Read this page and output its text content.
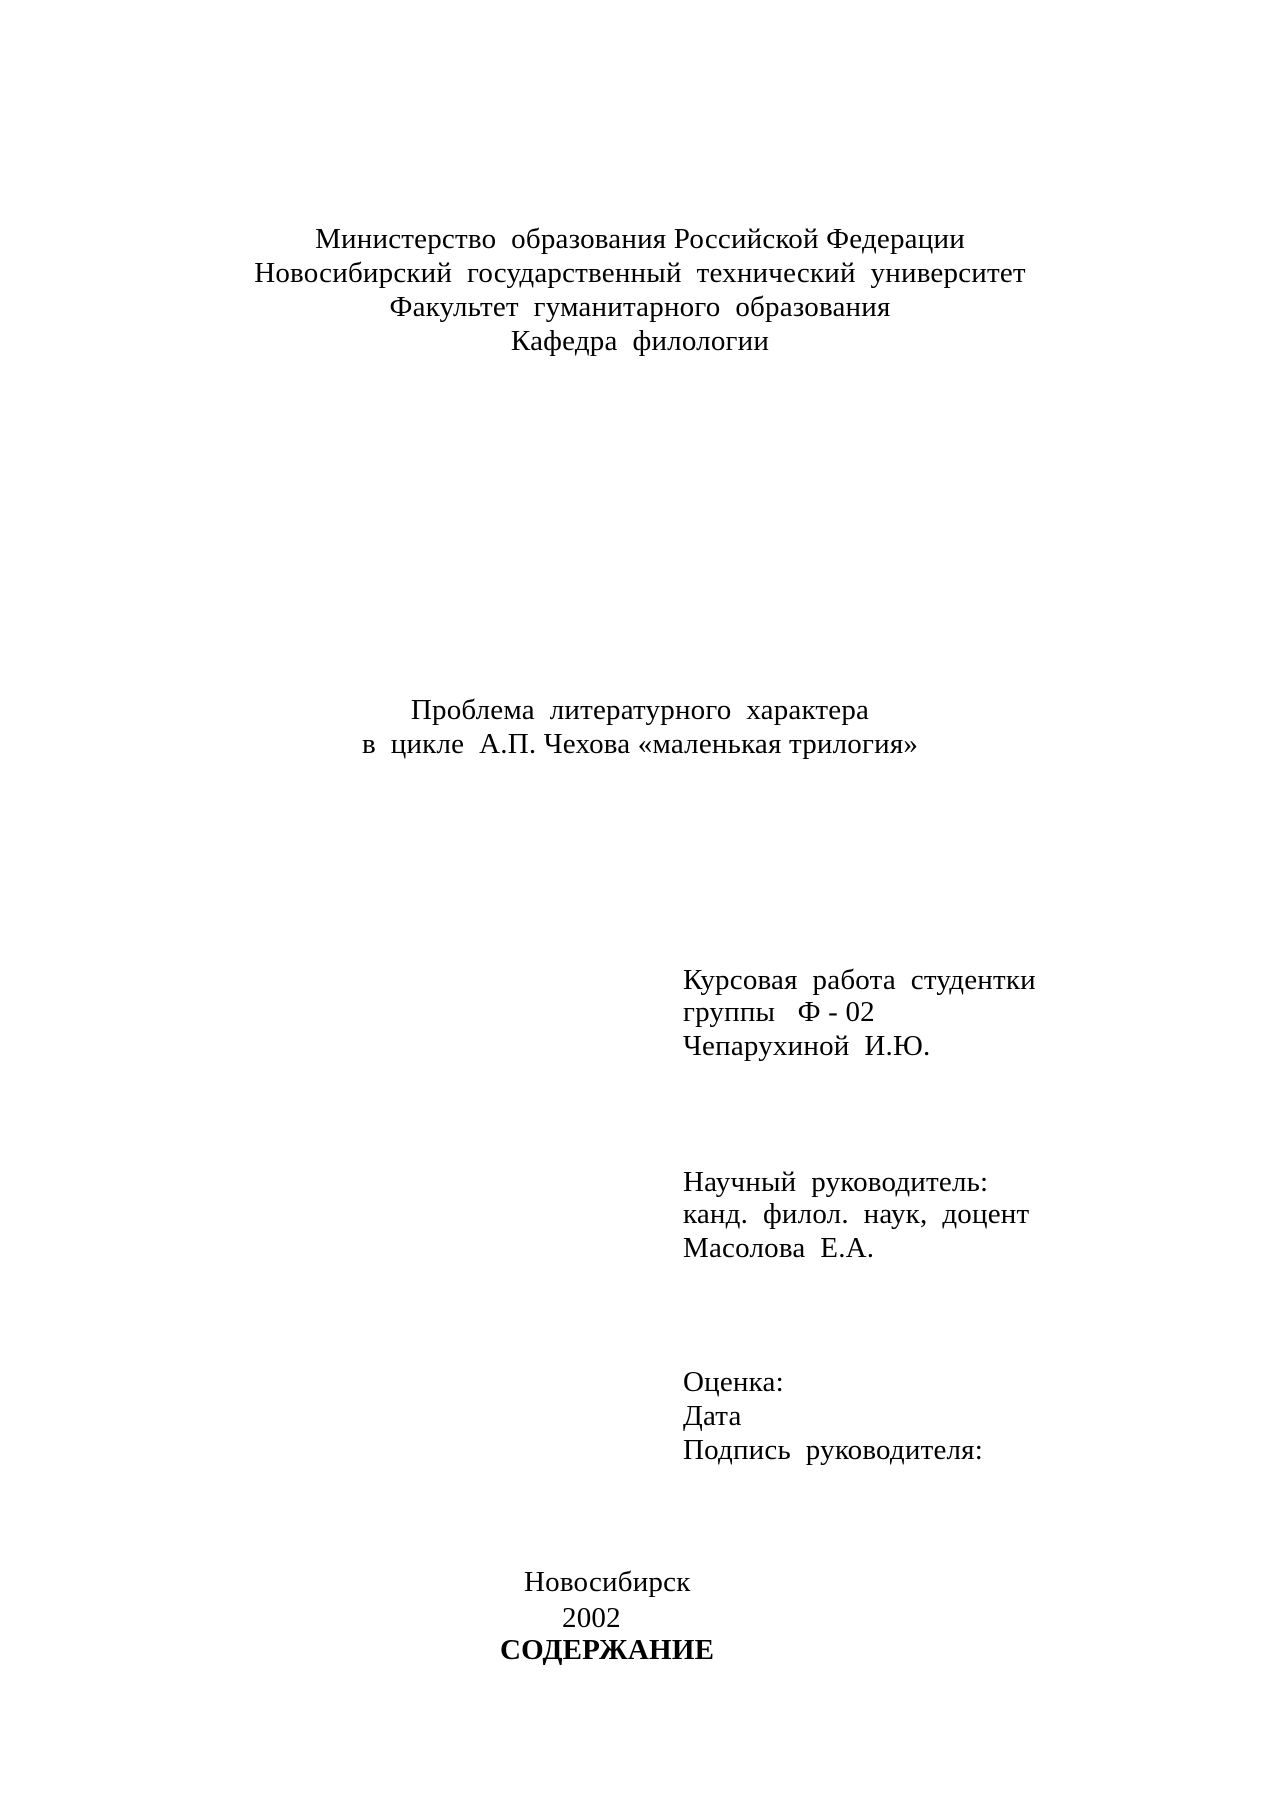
Министерство  образования Российской Федерации
Новосибирский  государственный  технический  университет
Факультет  гуманитарного  образования
Кафедра  филологии
Проблема  литературного  характера
в  цикле  А.П. Чехова «маленькая трилогия»
Курсовая  работа  студентки
группы   Ф - 02
Чепарухиной  И.Ю.
Научный  руководитель:
канд.  филол.  наук,  доцент
Масолова  Е.А.
Оценка:
Дата
Подпись  руководителя:
Новосибирск
2002
СОДЕРЖАНИЕ
